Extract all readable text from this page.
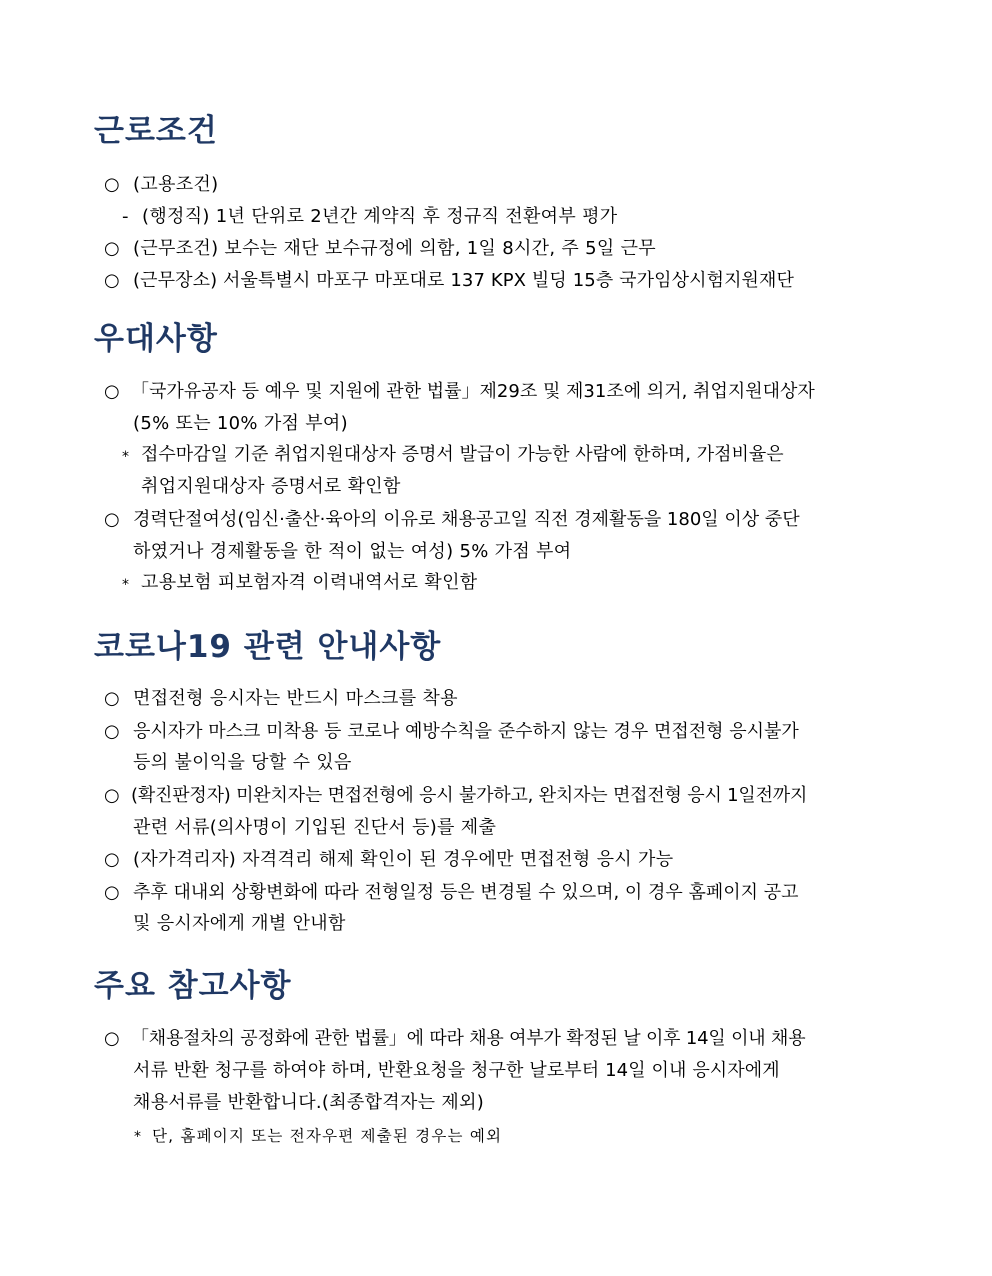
근로조건
○ (고용조건)
- (행정직) 1년 단위로 2년간 계약직 후 정규직 전환여부 평가
○ (근무조건) 보수는 재단 보수규정에 의함, 1일 8시간, 주 5일 근무
○ (근무장소) 서울특별시 마포구 마포대로 137 KPX 빌딩 15층 국가임상시험지원재단
우대사항
○ 「국가유공자 등 예우 및 지원에 관한 법률」제29조 및 제31조에 의거, 취업지원대상자
(5% 또는 10% 가점 부여)
* 접수마감일 기준 취업지원대상자 증명서 발급이 가능한 사람에 한하며, 가점비율은
취업지원대상자 증명서로 확인함
○ 경력단절여성(임신·출산·육아의 이유로 채용공고일 직전 경제활동을 180일 이상 중단
하였거나 경제활동을 한 적이 없는 여성) 5% 가점 부여
* 고용보험 피보험자격 이력내역서로 확인함
코로나19 관련 안내사항
○ 면접전형 응시자는 반드시 마스크를 착용
○ 응시자가 마스크 미착용 등 코로나 예방수칙을 준수하지 않는 경우 면접전형 응시불가
등의 불이익을 당할 수 있음
○ (확진판정자) 미완치자는 면접전형에 응시 불가하고, 완치자는 면접전형 응시 1일전까지
관련 서류(의사명이 기입된 진단서 등)를 제출
○ (자가격리자) 자격격리 해제 확인이 된 경우에만 면접전형 응시 가능
○ 추후 대내외 상황변화에 따라 전형일정 등은 변경될 수 있으며, 이 경우 홈페이지 공고
및 응시자에게 개별 안내함
주요 참고사항
○ 「채용절차의 공정화에 관한 법률」에 따라 채용 여부가 확정된 날 이후 14일 이내 채용
서류 반환 청구를 하여야 하며, 반환요청을 청구한 날로부터 14일 이내 응시자에게
채용서류를 반환합니다.(최종합격자는 제외)
* 단, 홈페이지 또는 전자우편 제출된 경우는 예외
